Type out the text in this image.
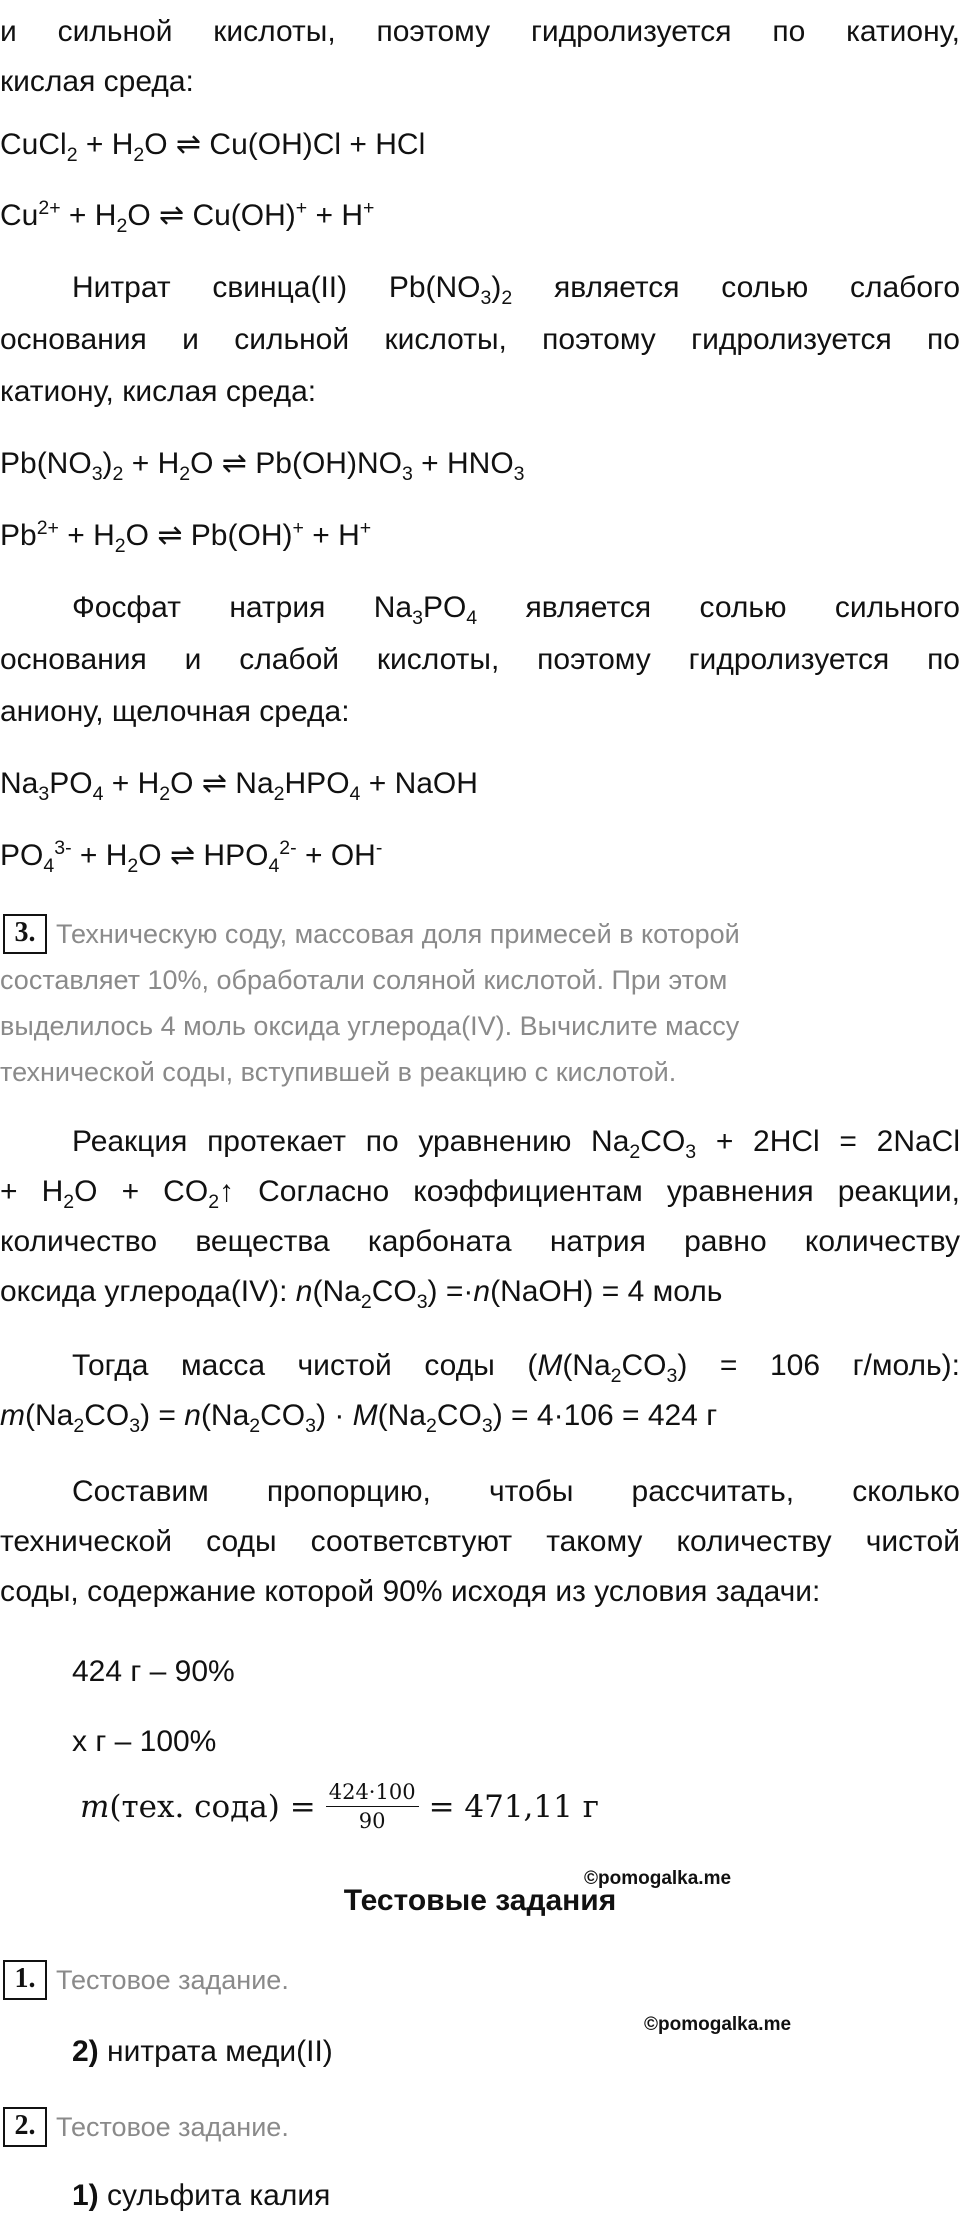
и сильной кислоты, поэтому гидролизуется по катиону,
кислая среда:
CuCl$_2$ + $H_2O$ ⇌ Cu(OH)Cl + HCl
$Cu^{2+} + H_2O$ ⇌ Cu(OH)+ + H+
Нитрат свинца(II) $Pb(NO_3)_2$ является солью слабого
основания и сильной кислоты, поэтому гидролизуется по
катиону, кислая среда:
$Pb(NO_3)_2 + H_2O$ ⇌ $Pb(OH)NO_3 + HNO_3$
$Pb^{2+} + H_2O$ ⇌ Pb(OH)+ + H+
Фосфат натрия $Na_3PO_4$ является солью сильного
основания и слабой кислоты, поэтому гидролизуется по
аниону, щелочная среда:
$Na_3PO_4 + H_2O$ ⇌ $Na_2HPO_4$ + NaOH
$PO_4^{3-} + H_2O$ ⇌ $HPO_4^{2-} + OH^-$
3. Техническую соду, массовая доля примесей в которой
составляет 10%, обработали соляной кислотой. При этом
выделилось 4 моль оксида углерода(IV). Вычислите массу
технической соды, вступившей в реакцию с кислотой.
Реакция протекает по уравнению $Na_2CO_3 + 2HCl$ = 2NaCl
+ $H_2O$ + $CO_2↑$ Согласно коэффициентам уравнения реакции,
количество вещества карбоната натрия равно количеству
оксида углерода(IV): $n(Na_2CO_3)$ =·n(NaOH) = 4 моль
Тогда масса чистой соды ($M(Na_2CO_3) = 106$ г/моль):
$m(Na_2CO_3) = n(Na_2CO_3) \cdot M(Na_2CO_3) = 4\cdot 106 = 424$ г
Составим пропорцию, чтобы рассчитать, сколько
технической соды соответсвтуют такому количеству чистой
соды, содержание которой 90% исходя из условия задачи:
424 г – 90%
x г – 100%
m (тех. сода) = $\frac{424\cdot 100}{90} = 471,11$ г
©pomogalka.me
Тестовые задания
1. Тестовое задание.
©pomogalka.me
2) нитрата меди(II)
2. Тестовое задание.
1) сульфита калия
